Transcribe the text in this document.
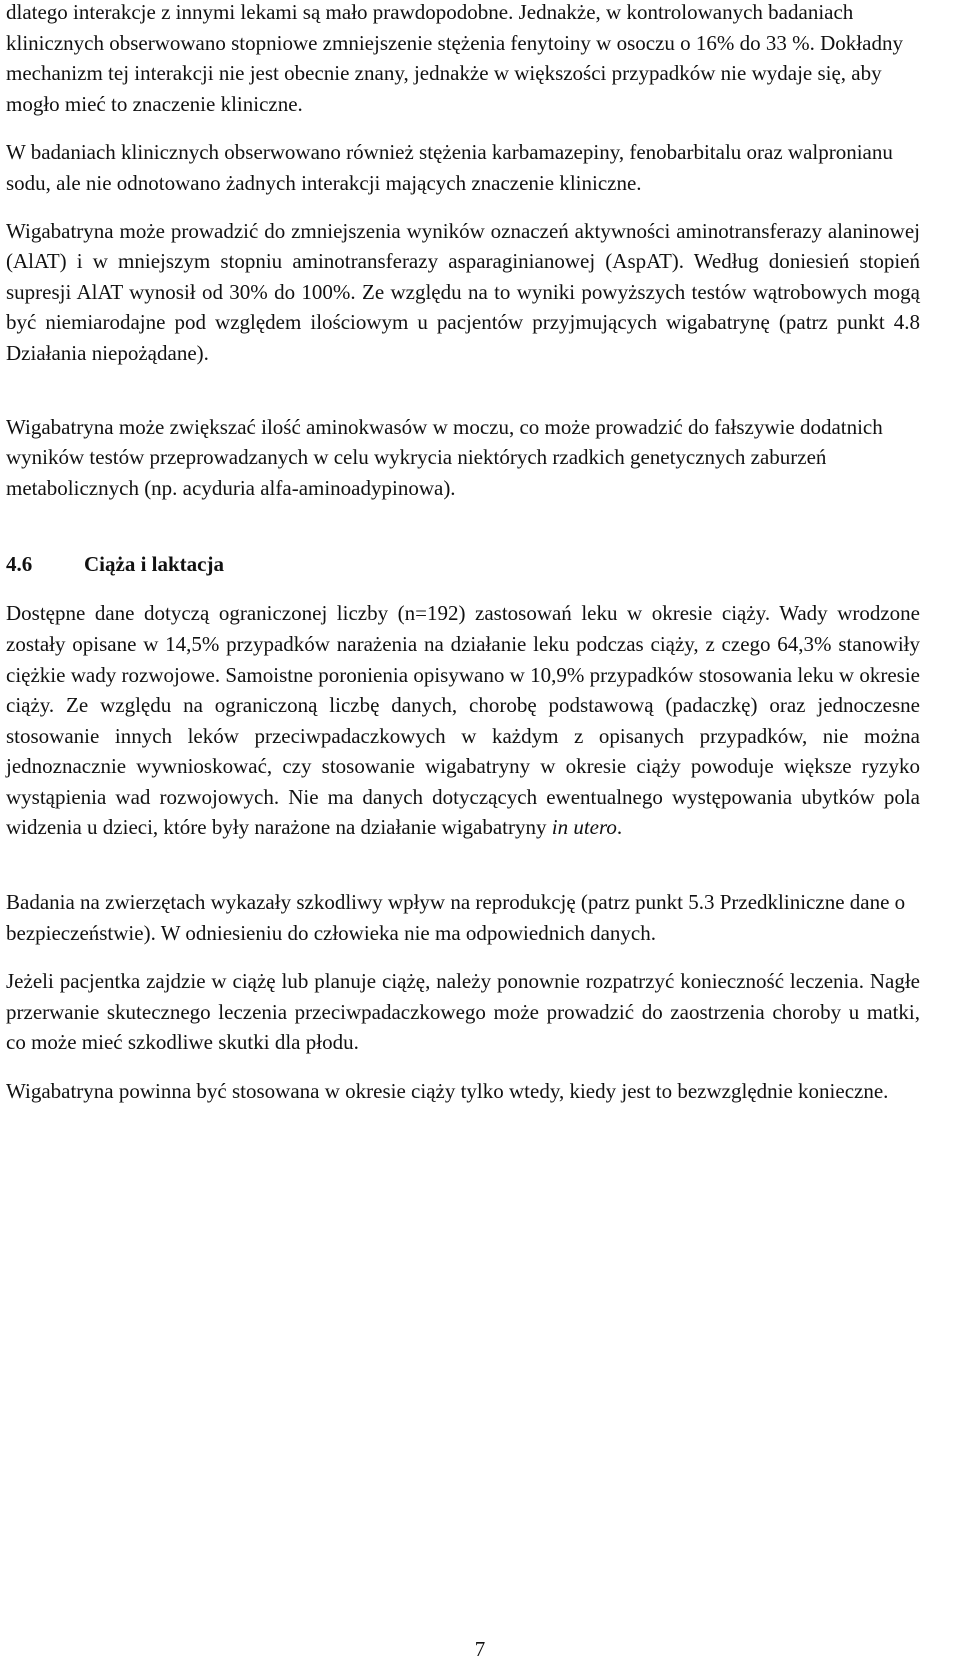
dlatego interakcje z innymi lekami są mało prawdopodobne. Jednakże, w kontrolowanych badaniach klinicznych obserwowano stopniowe zmniejszenie stężenia fenytoiny w osoczu o 16% do 33 %. Dokładny mechanizm tej interakcji nie jest obecnie znany, jednakże w większości przypadków nie wydaje się, aby mogło mieć to znaczenie kliniczne.

W badaniach klinicznych obserwowano również stężenia karbamazepiny, fenobarbitalu oraz walpronianu sodu, ale nie odnotowano żadnych interakcji mających znaczenie kliniczne.

Wigabatryna może prowadzić do zmniejszenia wyników oznaczeń aktywności aminotransferazy alaninowej (AlAT) i w mniejszym stopniu aminotransferazy asparaginianowej (AspAT). Według doniesień stopień supresji AlAT wynosił od 30% do 100%. Ze względu na to wyniki powyższych testów wątrobowych mogą być niemiarodajne pod względem ilościowym u pacjentów przyjmujących wigabatrynę (patrz punkt 4.8 Działania niepożądane).

Wigabatryna może zwiększać ilość aminokwasów w moczu, co może prowadzić do fałszywie dodatnich wyników testów przeprowadzanych w celu wykrycia niektórych rzadkich genetycznych zaburzeń metabolicznych (np. acyduria alfa-aminoadypinowa).

4.6	Ciąża i laktacja

Dostępne dane dotyczą ograniczonej liczby (n=192) zastosowań leku w okresie ciąży. Wady wrodzone zostały opisane w 14,5% przypadków narażenia na działanie leku podczas ciąży, z czego 64,3% stanowiły ciężkie wady rozwojowe. Samoistne poronienia opisywano w 10,9% przypadków stosowania leku w okresie ciąży. Ze względu na ograniczoną liczbę danych, chorobę podstawową (padaczkę) oraz jednoczesne stosowanie innych leków przeciwpadaczkowych w każdym z opisanych przypadków, nie można jednoznacznie wywnioskować, czy stosowanie wigabatryny w okresie ciąży powoduje większe ryzyko wystąpienia wad rozwojowych. Nie ma danych dotyczących ewentualnego występowania ubytków pola widzenia u dzieci, które były narażone na działanie wigabatryny in utero.

Badania na zwierzętach wykazały szkodliwy wpływ na reprodukcję (patrz punkt 5.3 Przedkliniczne dane o bezpieczeństwie). W odniesieniu do człowieka nie ma odpowiednich danych.

Jeżeli pacjentka zajdzie w ciążę lub planuje ciążę, należy ponownie rozpatrzyć konieczność leczenia. Nagłe przerwanie skutecznego leczenia przeciwpadaczkowego może prowadzić do zaostrzenia choroby u matki, co może mieć szkodliwe skutki dla płodu.

Wigabatryna powinna być stosowana w okresie ciąży tylko wtedy, kiedy jest to bezwzględnie konieczne.

7
